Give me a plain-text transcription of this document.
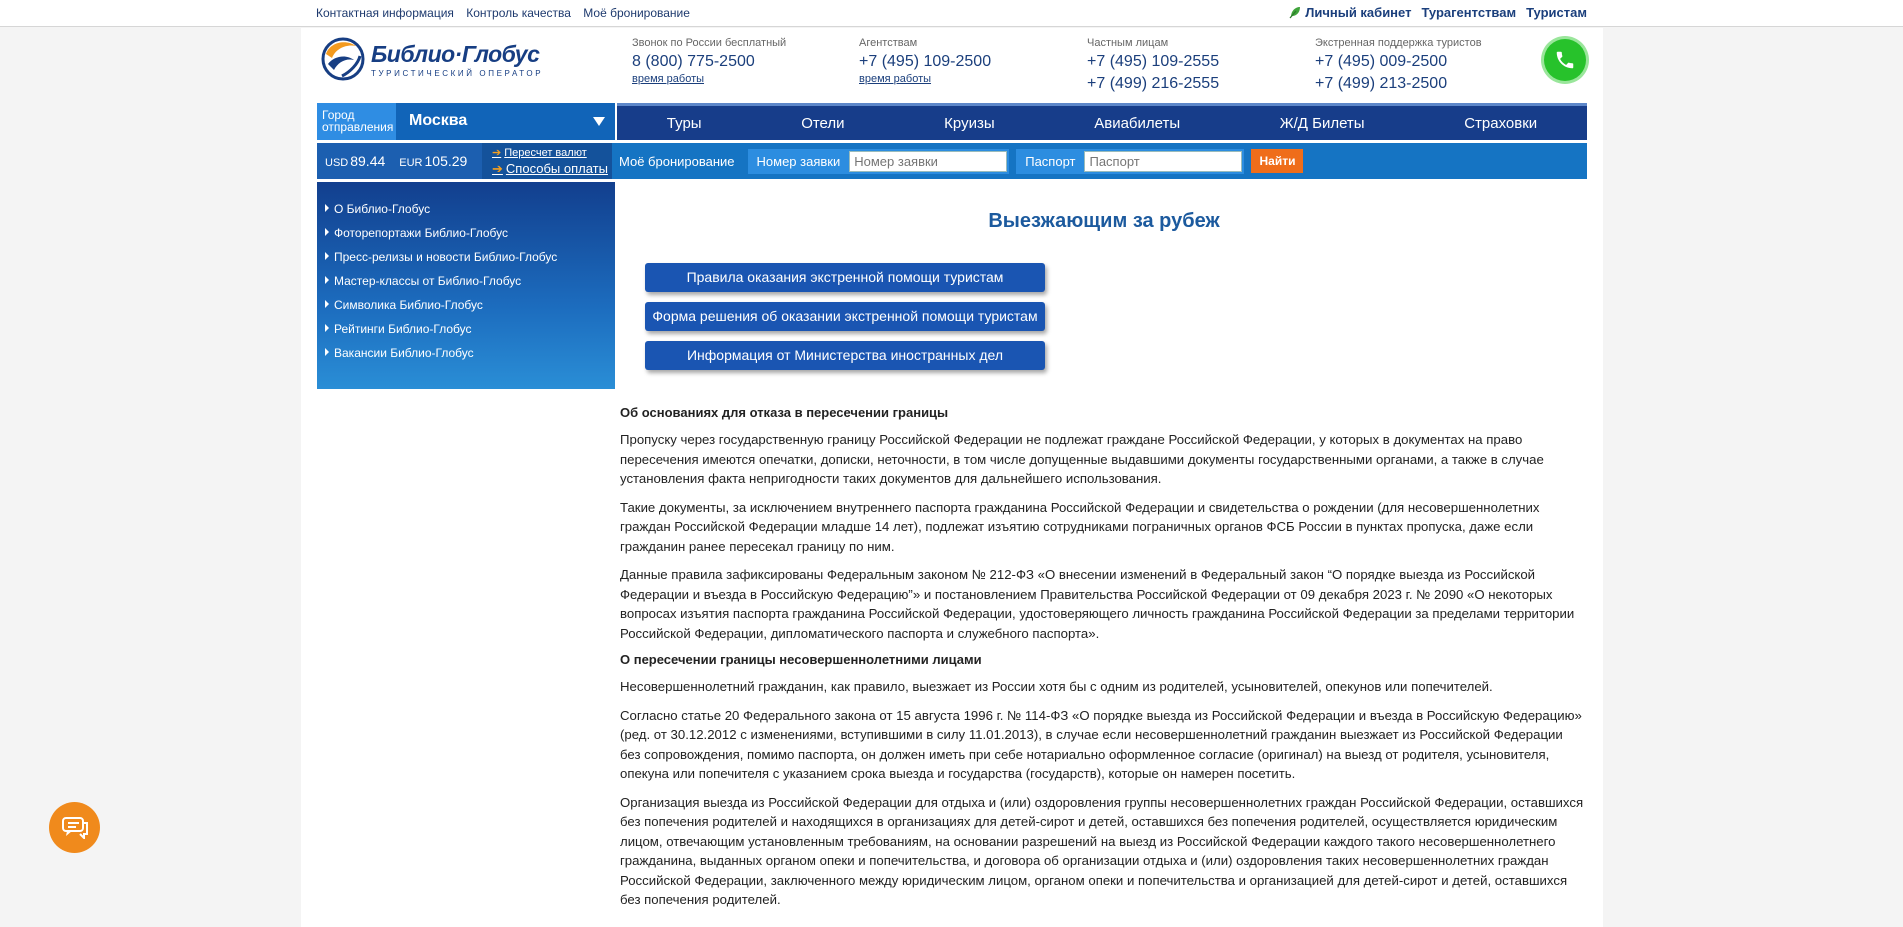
Контактная информация Контроль качества Моё бронирование	Личный кабинет Турагентствам Туристам
Библио·Глобус
ТУРИСТИЧЕСКИЙ ОПЕРАТОР
Звонок по России бесплатный
8 (800) 775-2500
время работы
Агентствам
+7 (495) 109-2500
время работы
Частным лицам
+7 (495) 109-2555
+7 (499) 216-2555
Экстренная поддержка туристов
+7 (495) 009-2500
+7 (499) 213-2500
Город отправления Москва	Туры	Отели	Круизы	Авиабилеты	Ж/Д Билеты	Страховки
USD 89.44 EUR 105.29 ➔ Пересчет валют
➔ Способы оплаты Моё бронирование	Номер заявки
Номер заявки	Паспорт
Паспорт	Найти
О Библио-Глобус
Фоторепортажи Библио-Глобус
Пресс-релизы и новости Библио-Глобус
Мастер-классы от Библио-Глобус
Символика Библио-Глобус
Рейтинги Библио-Глобус
Вакансии Библио-Глобус
Выезжающим за рубеж
Правила оказания экстренной помощи туристам
Форма решения об оказании экстренной помощи туристам
Информация от Министерства иностранных дел
Об основаниях для отказа в пересечении границы

Пропуску через государственную границу Российской Федерации не подлежат граждане Российской Федерации, у которых в документах на право пересечения имеются опечатки, дописки, неточности, в том числе допущенные выдавшими документы государственными органами, а также в случае установления факта непригодности таких документов для дальнейшего использования.

Такие документы, за исключением внутреннего паспорта гражданина Российской Федерации и свидетельства о рождении (для несовершеннолетних граждан Российской Федерации младше 14 лет), подлежат изъятию сотрудниками пограничных органов ФСБ России в пунктах пропуска, даже если гражданин ранее пересекал границу по ним.

Данные правила зафиксированы Федеральным законом № 212-ФЗ «О внесении изменений в Федеральный закон “О порядке выезда из Российской Федерации и въезда в Российскую Федерацию”» и постановлением Правительства Российской Федерации от 09 декабря 2023 г. № 2090 «О некоторых вопросах изъятия паспорта гражданина Российской Федерации, удостоверяющего личность гражданина Российской Федерации за пределами территории Российской Федерации, дипломатического паспорта и служебного паспорта».

О пересечении границы несовершеннолетними лицами

Несовершеннолетний гражданин, как правило, выезжает из России хотя бы с одним из родителей, усыновителей, опекунов или попечителей.

Согласно статье 20 Федерального закона от 15 августа 1996 г. № 114-ФЗ «О порядке выезда из Российской Федерации и въезда в Российскую Федерацию» (ред. от 30.12.2012 с изменениями, вступившими в силу 11.01.2013), в случае если несовершеннолетний гражданин выезжает из Российской Федерации без сопровождения, помимо паспорта, он должен иметь при себе нотариально оформленное согласие (оригинал) на выезд от родителя, усыновителя, опекуна или попечителя с указанием срока выезда и государства (государств), которые он намерен посетить.

Организация выезда из Российской Федерации для отдыха и (или) оздоровления группы несовершеннолетних граждан Российской Федерации, оставшихся без попечения родителей и находящихся в организациях для детей-сирот и детей, оставшихся без попечения родителей, осуществляется юридическим лицом, отвечающим установленным требованиям, на основании разрешений на выезд из Российской Федерации каждого такого несовершеннолетнего гражданина, выданных органом опеки и попечительства, и договора об организации отдыха и (или) оздоровления таких несовершеннолетних граждан Российской Федерации, заключенного между юридическим лицом, органом опеки и попечительства и организацией для детей-сирот и детей, оставшихся без попечения родителей.
